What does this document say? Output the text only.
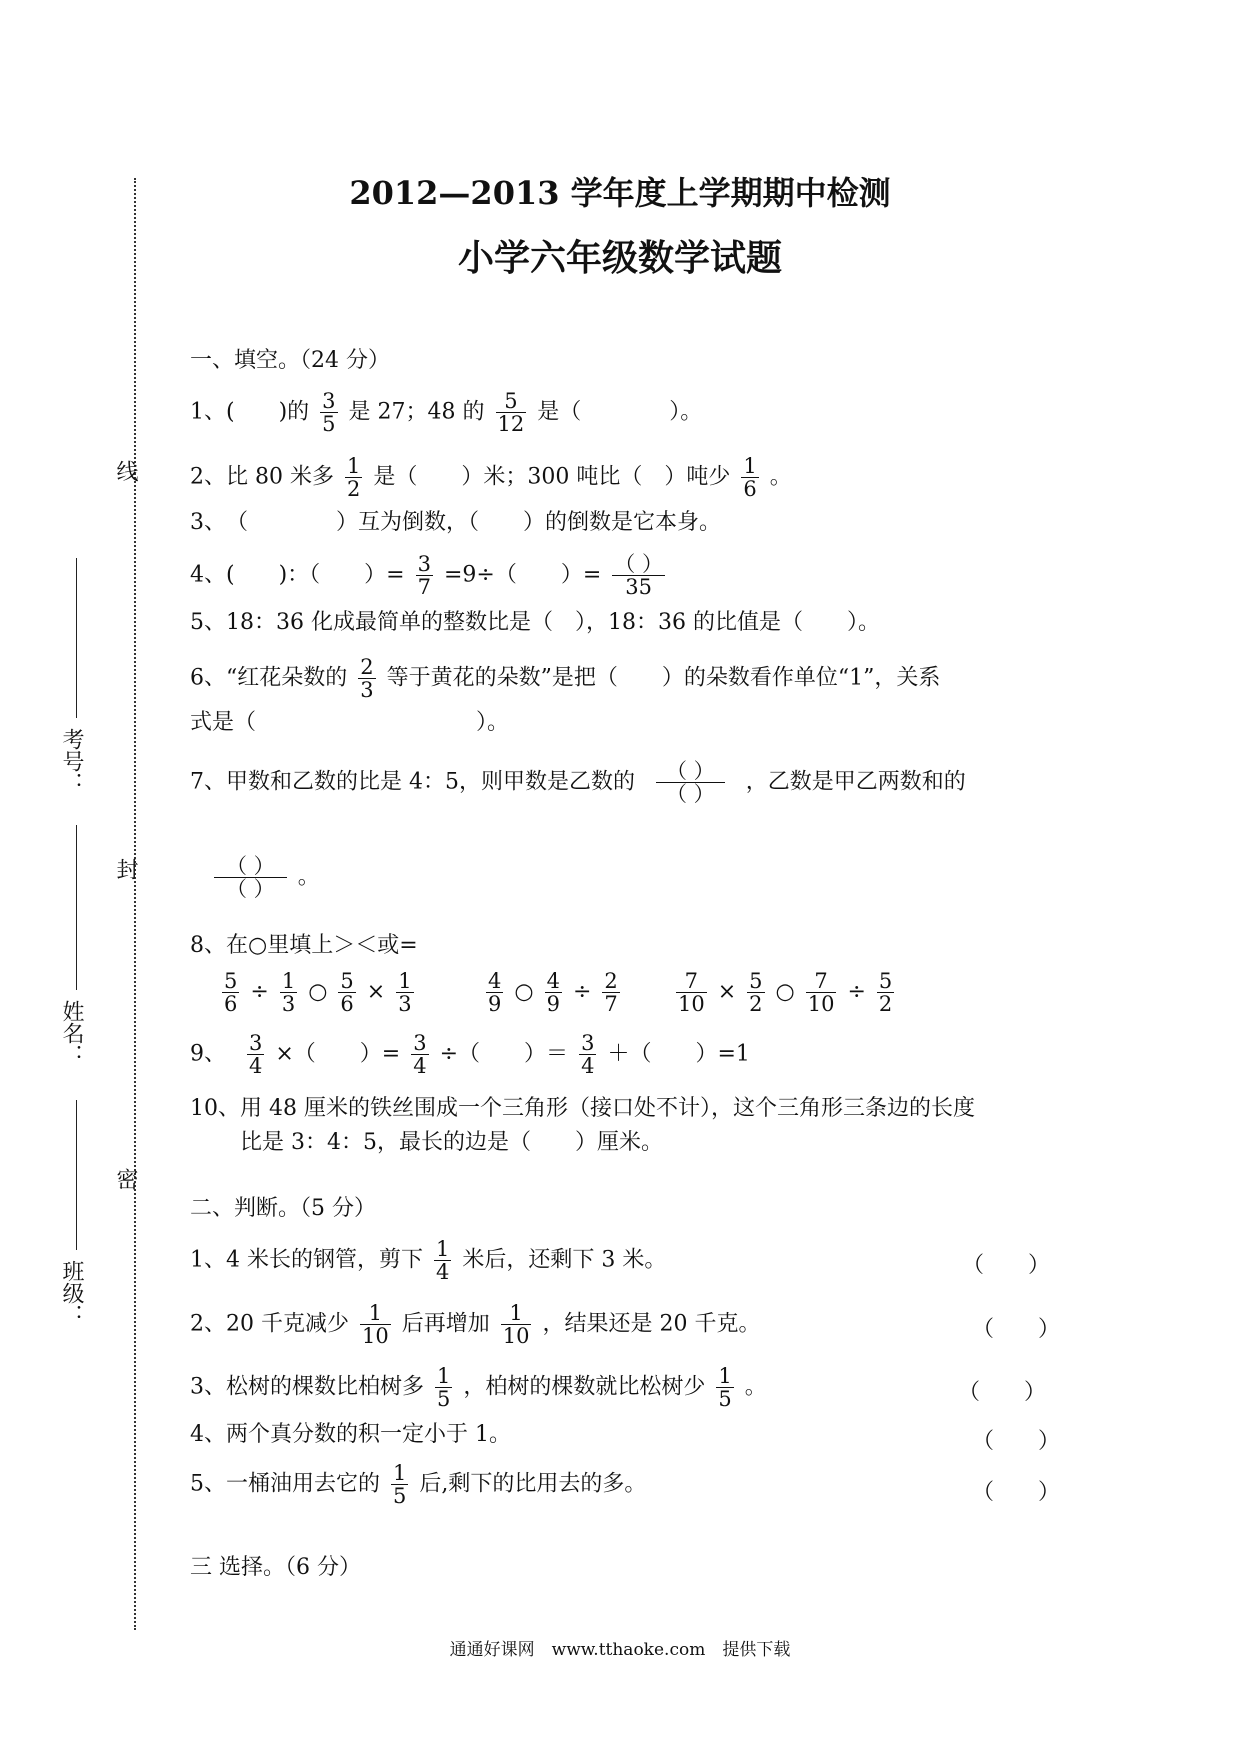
线
封
密
考号：
姓名：
班级：
2012—2013 学年度上学期期中检测
小学六年级数学试题
一、填空。（24 分）
1、(　　)的 $\frac{3}{5}$ 是 27；48 的 $\frac{5}{12}$ 是（　　　　）。
2、比 80 米多 $\frac{1}{2}$ 是（　　）米；300 吨比（　）吨少 $\frac{1}{6}$ 。
3、　（　　　　）互为倒数，（　　）的倒数是它本身。
4、(　　)：（　　）= $\frac{3}{7} =9\div$（　　）= $\frac{( )}{35}$
5、18：36 化成最简单的整数比是（　），18：36 的比值是（　　）。
6、“红花朵数的 $\frac{2}{3}$ 等于黄花的朵数”是把（　　）的朵数看作单位“1”，关系
式是（　　　　　　　　　　）。
7、甲数和乙数的比是 4：5，则甲数是乙数的 $\frac{( )}{( )}$ ，乙数是甲乙两数和的
$\frac{( )}{( )}$ 。
8、在○里填上＞＜或=
$\frac{5}{6} \div \frac{1}{3}$ ○ $\frac{5}{6} \times \frac{1}{3}$	$\frac{4}{9}$ ○ $\frac{4}{9} \div \frac{2}{7}$	$\frac{7}{10} \times \frac{5}{2}$ ○ $\frac{7}{10} \div \frac{5}{2}$
9、 $\frac{3}{4}$ ×（　　）= $\frac{3}{4}$ ÷（　　）＝ $\frac{3}{4}$ ＋（　　）=1
10、用 48 厘米的铁丝围成一个三角形（接口处不计），这个三角形三条边的长度
比是 3：4：5，最长的边是（　　）厘米。
二、判断。（5 分）
1、4 米长的钢管，剪下 $\frac{1}{4}$ 米后，还剩下 3 米。	（　　）
2、20 千克减少 $\frac{1}{10}$ 后再增加 $\frac{1}{10}$ ，结果还是 20 千克。	（　　）
3、松树的棵数比柏树多 $\frac{1}{5}$ ，柏树的棵数就比松树少 $\frac{1}{5}$ 。	（　　）
4、两个真分数的积一定小于 1。	（　　）
5、一桶油用去它的 $\frac{1}{5}$ 后,剩下的比用去的多。	（　　）
三 选择。（6 分）
通通好课网　www.tthaoke.com　提供下载
